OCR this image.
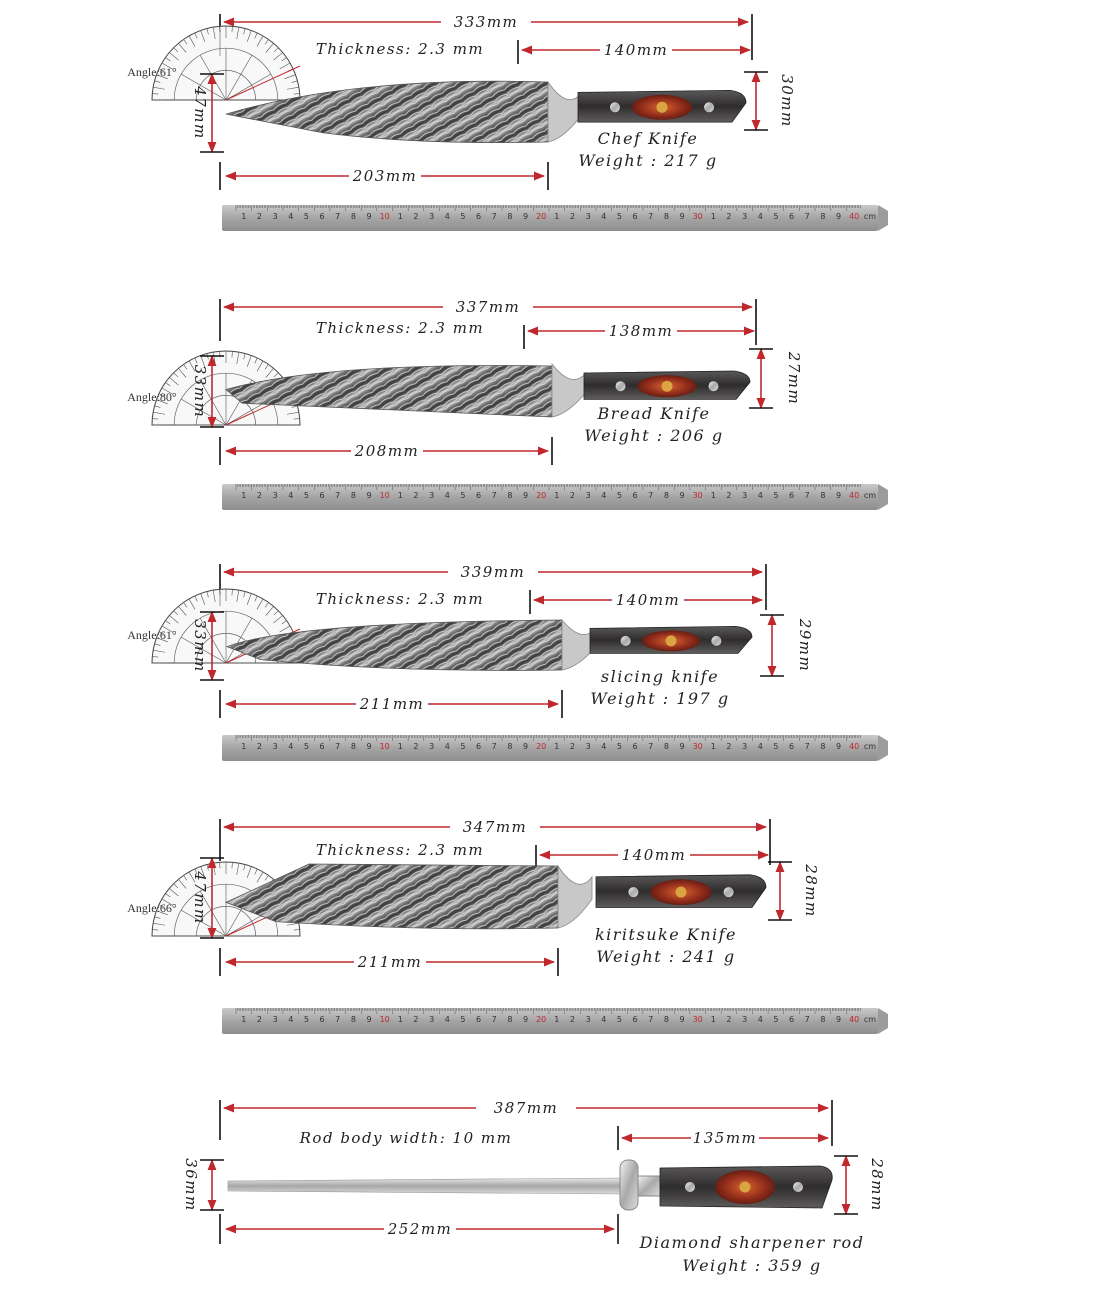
333mm
Thickness: 2.3 mm	140mm
Angle:61°
47mm	30mm
Chef Knife
Weight : 217 g
203mm
1 2 3 4 5 6 7 8 9 10 1 2 3 4 5 6 7 8 9 20 1 2 3 4 5 6 7 8 9 30 1 2 3 4 5 6 7 8 9 40 cm
337mm
Thickness: 2.3 mm	138mm
Angle:80° 33mm	27mm
Bread Knife
Weight : 206 g
208mm
1 2 3 4 5 6 7 8 9 10 1 2 3 4 5 6 7 8 9 20 1 2 3 4 5 6 7 8 9 30 1 2 3 4 5 6 7 8 9 40 cm
339mm
Thickness: 2.3 mm	140mm
Angle:61° 33mm	29mm
slicing knife
Weight : 197 g
211mm
1 2 3 4 5 6 7 8 9 10 1 2 3 4 5 6 7 8 9 20 1 2 3 4 5 6 7 8 9 30 1 2 3 4 5 6 7 8 9 40 cm
347mm
Thickness: 2.3 mm	140mm
Angle:66° 47mm	28mm
kiritsuke Knife
Weight : 241 g
211mm
1 2 3 4 5 6 7 8 9 10 1 2 3 4 5 6 7 8 9 20 1 2 3 4 5 6 7 8 9 30 1 2 3 4 5 6 7 8 9 40 cm
387mm
Rod body width: 10 mm	135mm
36mm	28mm
252mm
Diamond sharpener rod
Weight : 359 g
